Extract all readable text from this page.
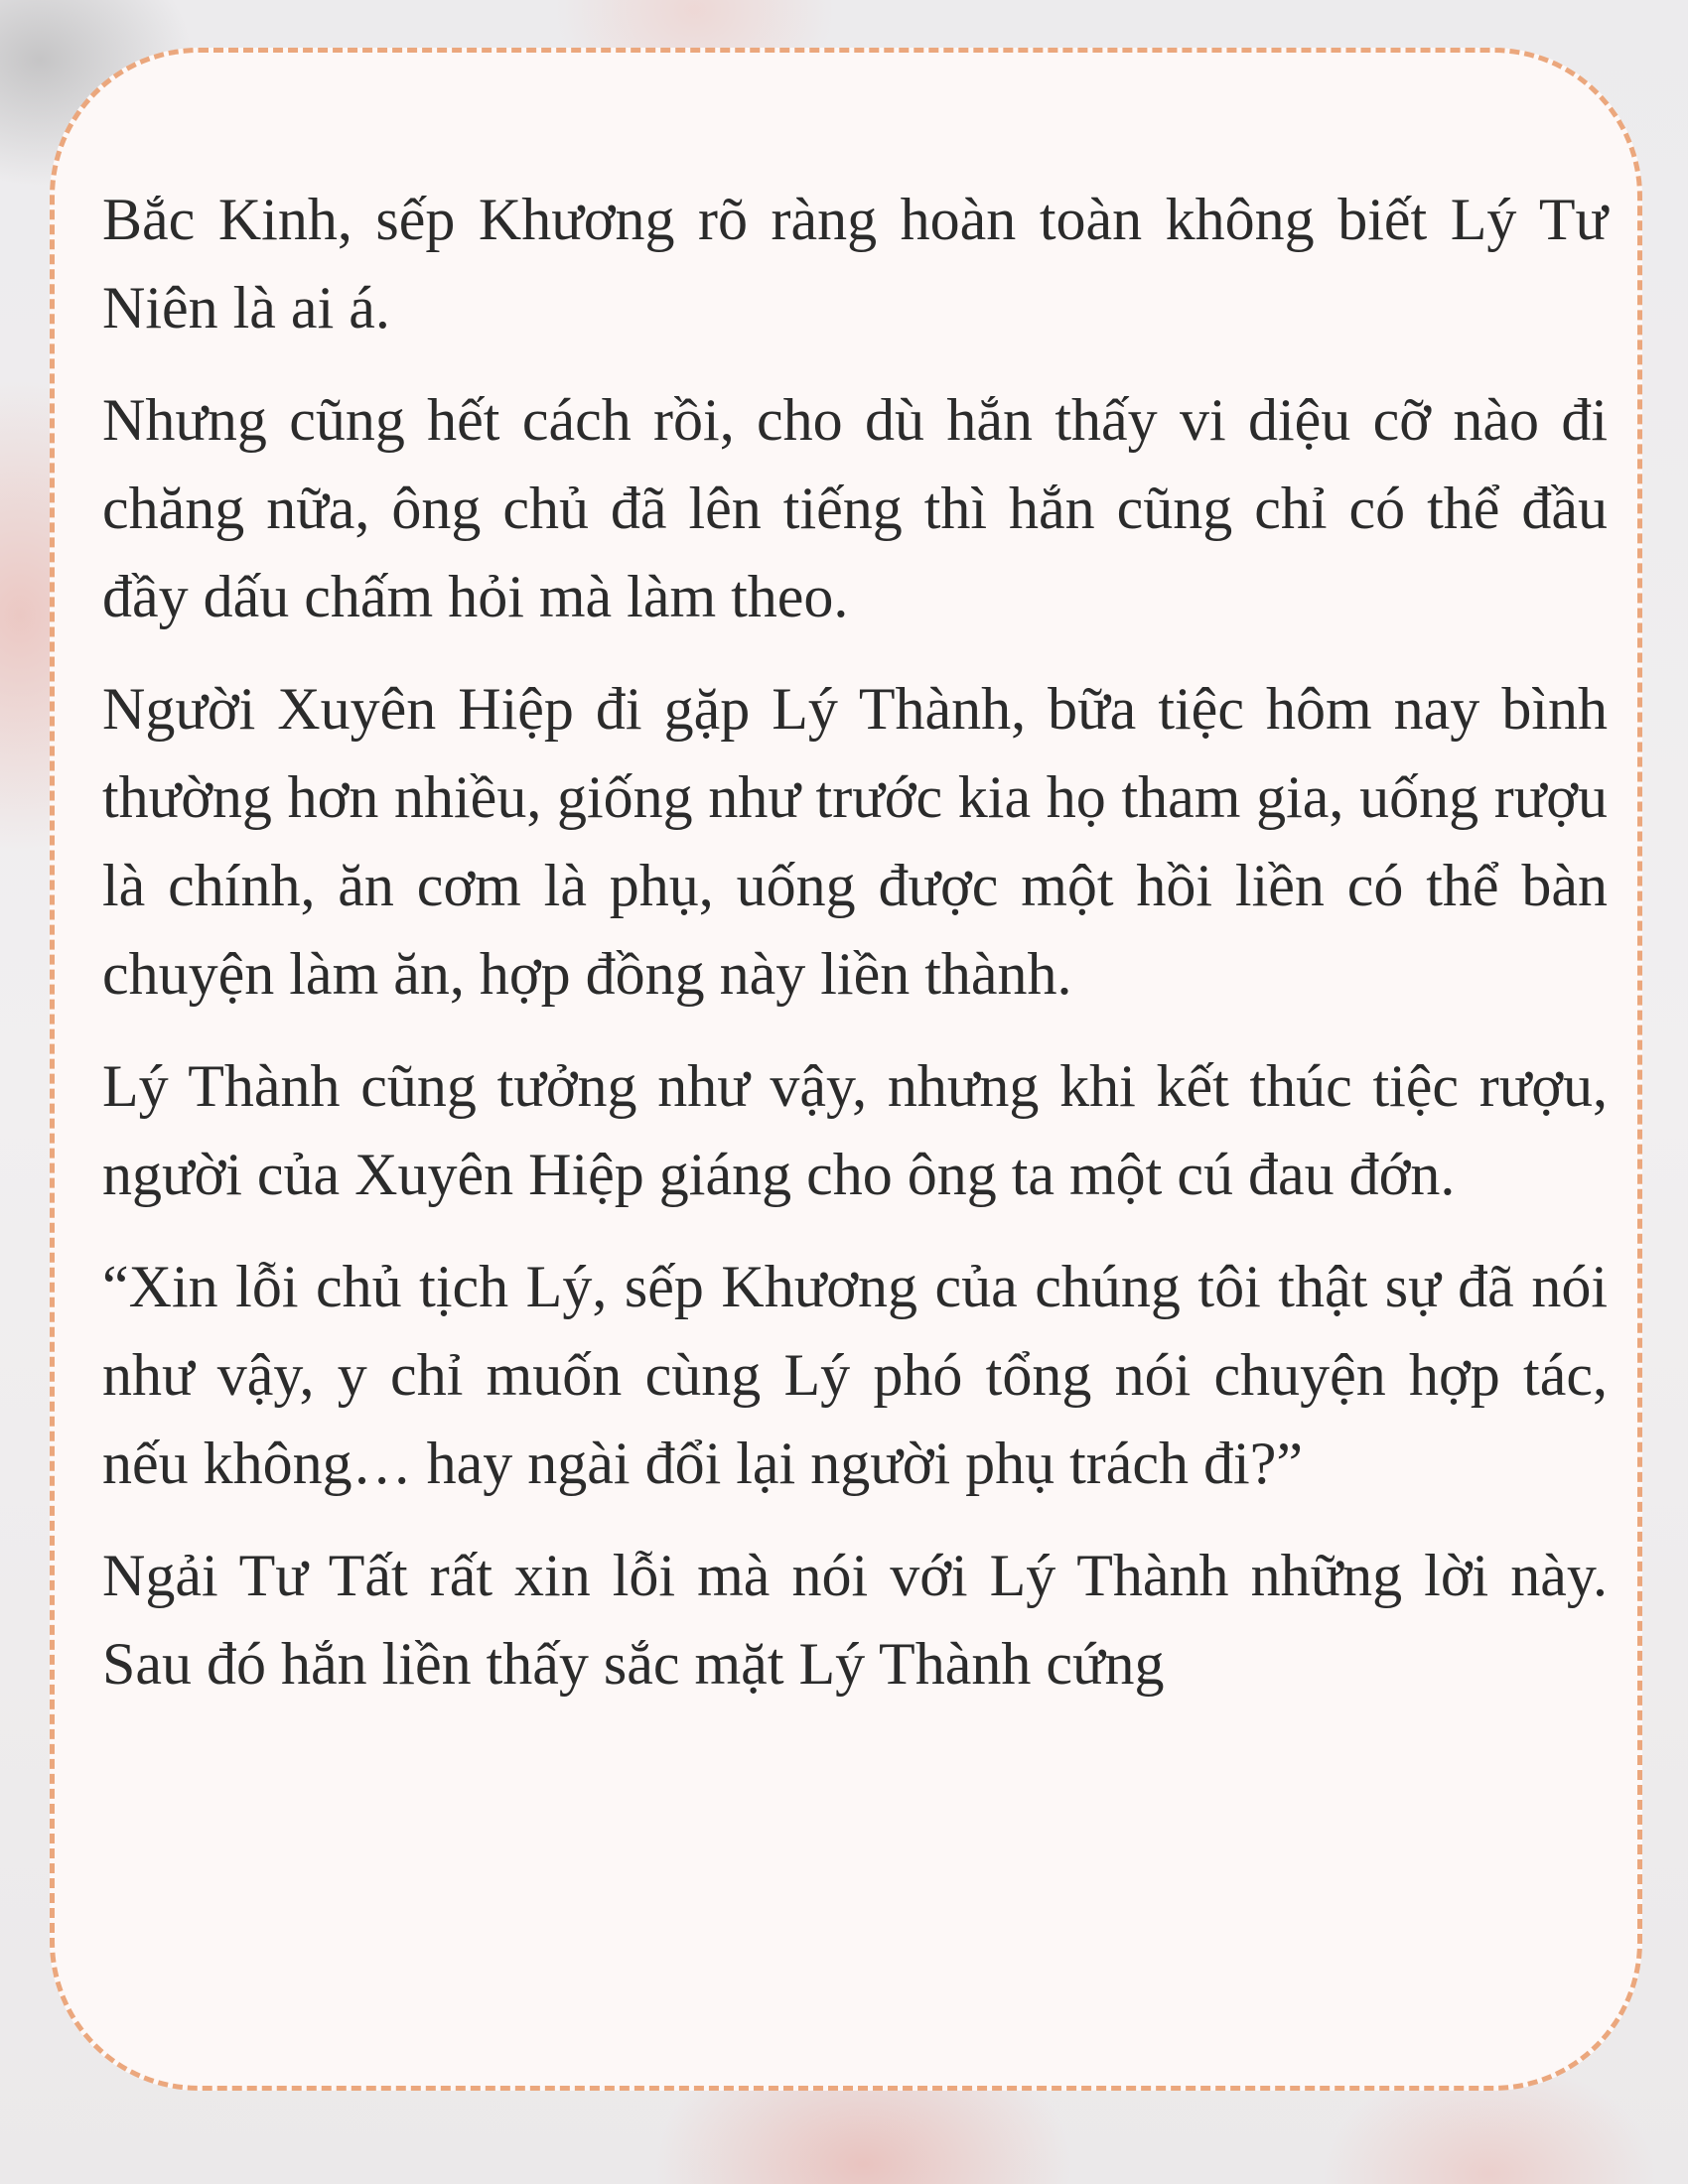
Bắc Kinh, sếp Khương rõ ràng hoàn toàn không biết Lý Tư Niên là ai á.

Nhưng cũng hết cách rồi, cho dù hắn thấy vi diệu cỡ nào đi chăng nữa, ông chủ đã lên tiếng thì hắn cũng chỉ có thể đầu đầy dấu chấm hỏi mà làm theo.

Người Xuyên Hiệp đi gặp Lý Thành, bữa tiệc hôm nay bình thường hơn nhiều, giống như trước kia họ tham gia, uống rượu là chính, ăn cơm là phụ, uống được một hồi liền có thể bàn chuyện làm ăn, hợp đồng này liền thành.

Lý Thành cũng tưởng như vậy, nhưng khi kết thúc tiệc rượu, người của Xuyên Hiệp giáng cho ông ta một cú đau đớn.

“Xin lỗi chủ tịch Lý, sếp Khương của chúng tôi thật sự đã nói như vậy, y chỉ muốn cùng Lý phó tổng nói chuyện hợp tác, nếu không… hay ngài đổi lại người phụ trách đi?”

Ngải Tư Tất rất xin lỗi mà nói với Lý Thành những lời này. Sau đó hắn liền thấy sắc mặt Lý Thành cứng
